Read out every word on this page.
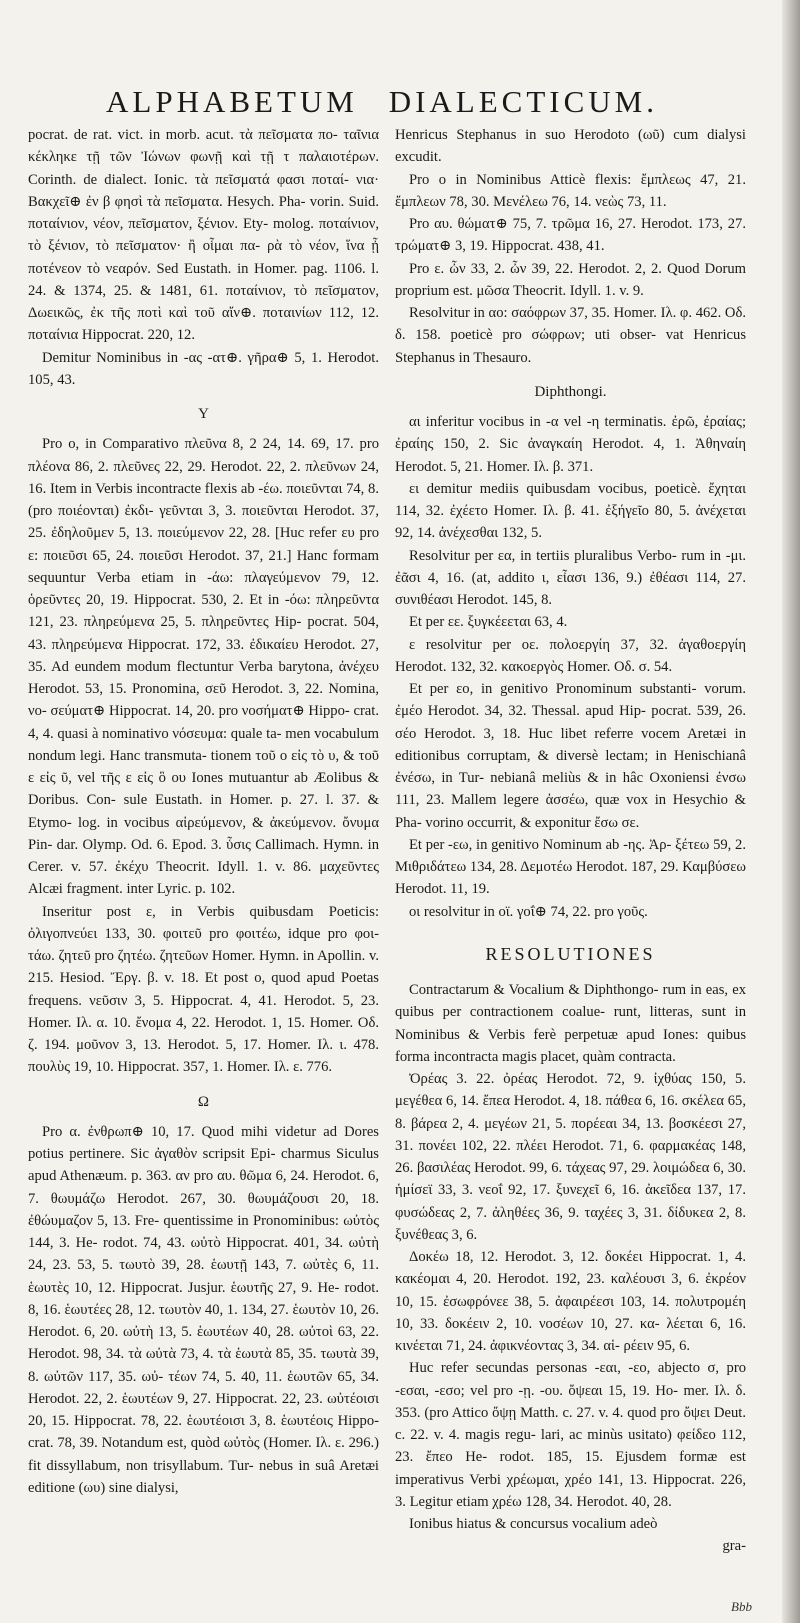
ALPHABETUM DIALECTICUM.

pocrat. de rat. vict. in morb. acut. τὰ πεῖσματα πο- ταῖνια κέκληκε τῇ τῶν Ἰώνων φωνῇ καὶ τῇ τ παλαιοτέρων. Corinth. de dialect. Ionic. τὰ πεῖσματά φασι ποταί- νια· Βακχεῖ⊕ ἐν β φησὶ τὰ πεῖσματα. Hesych. Pha- vorin. Suid. ποταίνιον, νέον, πεῖσματον, ξένιον. Ety- molog. ποταίνιον, τὸ ξένιον, τὸ πεῖσματον· ἢ οἷμαι πα- ρὰ τὸ νέον, ἵνα ᾖ ποτένεον τὸ νεαρόν. Sed Eustath. in Homer. pag. 1106. l. 24. & 1374, 25. & 1481, 61. ποταίνιον, τὸ πεῖσματον, Δωεικῶς, ἐκ τῆς ποτὶ καὶ τοῦ αἴν⊕. ποταινίων 112, 12. ποταίνια Hippocrat. 220, 12.

Demitur Nominibus in -ας -ατ⊕. γῆρα⊕ 5, 1. Herodot. 105, 43.

Υ

Pro ο, in Comparativo πλεῦνα 8, 2 24, 14. 69, 17. pro πλέονα 86, 2. πλεῦνες 22, 29. Herodot. 22, 2. πλεῦνων 24, 16. Item in Verbis incontracte flexis ab -έω. ποιεῦνται 74, 8. (pro ποιέονται) ἐκδι- γεῦνται 3, 3. ποιεῦνται Herodot. 37, 25. ἐδηλοῦμεν 5, 13. ποιεύμενον 22, 28. [Huc refer ευ pro ε: ποιεῦσι 65, 24. ποιεῦσι Herodot. 37, 21.] Hanc formam sequuntur Verba etiam in -άω: πλαγεύμενον 79, 12. ὁρεῦντες 20, 19. Hippocrat. 530, 2. Et in -όω: πληρεῦντα 121, 23. πληρεύμενα 25, 5. πληρεῦντες Hip- pocrat. 504, 43. πληρεύμενα Hippocrat. 172, 33. ἐδικαίευ Herodot. 27, 35. Ad eundem modum flectuntur Verba barytona, ἀνέχευ Herodot. 53, 15. Pronomina, σεῦ Herodot. 3, 22. Nomina, νο- σεύματ⊕ Hippocrat. 14, 20. pro νοσήματ⊕ Hippo- crat. 4, 4. quasi à nominativo νόσευμα: quale ta- men vocabulum nondum legi. Hanc transmuta- tionem τοῦ ο εἰς τὸ υ, & τοῦ ε εἰς ῦ, vel τῆς ε εἰς ὃ ου Iones mutuantur ab Æolibus & Doribus. Con- sule Eustath. in Homer. p. 27. l. 37. & Etymo- log. in vocibus αἰρεύμενον, & ἀκεύμενον. ὄνυμα Pin- dar. Olymp. Od. 6. Epod. 3. ὗσις Callimach. Hymn. in Cerer. v. 57. ἐκέχυ Theocrit. Idyll. 1. v. 86. μαχεῦντες Alcæi fragment. inter Lyric. p. 102.

Inseritur post ε, in Verbis quibusdam Poeticis: ὀλιγοπνεύει 133, 30. φοιτεῦ pro φοιτέω, idque pro φοι- τάω. ζητεῦ pro ζητέω. ζητεῦων Homer. Hymn. in Apollin. v. 215. Hesiod. Ἔργ. β. v. 18. Et post ο, quod apud Poetas frequens. νεῦσιν 3, 5. Hippocrat. 4, 41. Herodot. 5, 23. Homer. Ιλ. α. 10. ἔνομα 4, 22. Herodot. 1, 15. Homer. Οδ. ζ. 194. μοῦνον 3, 13. Herodot. 5, 17. Homer. Ιλ. ι. 478. πουλὺς 19, 10. Hippocrat. 357, 1. Homer. Ιλ. ε. 776.

Ω

Pro α. ἐνθρωπ⊕ 10, 17. Quod mihi videtur ad Dores potius pertinere. Sic ἀγαθὸν scripsit Epi- charmus Siculus apud Athenæum. p. 363. αν pro αυ. θῶμα 6, 24. Herodot. 6, 7. θωυμάζω Herodot. 267, 30. θωυμάζουσι 20, 18. ἐθώυμαζον 5, 13. Fre- quentissime in Pronominibus: ωὐτὸς 144, 3. He- rodot. 74, 43. ωὐτὸ Hippocrat. 401, 34. ωὐτὴ 24, 23. 53, 5. τωυτὸ 39, 28. ἑωυτῇ 143, 7. ωὐτὲς 6, 11. ἑωυτὲς 10, 12. Hippocrat. Jusjur. ἑωυτῆς 27, 9. He- rodot. 8, 16. ἑωυτέες 28, 12. τωυτὸν 40, 1. 134, 27. ἑωυτὸν 10, 26. Herodot. 6, 20. ωὐτὴ 13, 5. ἑωυτέων 40, 28. ωὐτοὶ 63, 22. Herodot. 98, 34. τὰ ωὐτὰ 73, 4. τὰ ἑωυτὰ 85, 35. τωυτὰ 39, 8. ωὐτῶν 117, 35. ωὐ- τέων 74, 5. 40, 11. ἑωυτῶν 65, 34. Herodot. 22, 2. ἑωυτέων 9, 27. Hippocrat. 22, 23. ωὐτέοισι 20, 15. Hippocrat. 78, 22. ἑωυτέοισι 3, 8. ἑωυτέοις Hippo- crat. 78, 39. Notandum est, quòd ωὐτὸς (Homer. Ιλ. ε. 296.) fit dissyllabum, non trisyllabum. Tur- nebus in suâ Aretæi editione (ωυ) sine dialysi,

Henricus Stephanus in suo Herodoto (ωῦ) cum dialysi excudit.

Pro ο in Nominibus Atticè flexis: ἔμπλεως 47, 21. ἔμπλεων 78, 30. Μενέλεω 76, 14. νεὼς 73, 11.

Pro αυ. θώματ⊕ 75, 7. τρῶμα 16, 27. Herodot. 173, 27. τρώματ⊕ 3, 19. Hippocrat. 438, 41.

Pro ε. ὦν 33, 2. ὦν 39, 22. Herodot. 2, 2. Quod Dorum proprium est. μῶσα Theocrit. Idyll. 1. v. 9.

Resolvitur in αο: σαόφρων 37, 35. Homer. Ιλ. φ. 462. Οδ. δ. 158. poeticè pro σώφρων; uti obser- vat Henricus Stephanus in Thesauro.

Diphthongi.

αι inferitur vocibus in -α vel -η terminatis. ἐρῶ, ἐραίας; ἐραίης 150, 2. Sic ἀναγκαίη Herodot. 4, 1. Ἀθηναίη Herodot. 5, 21. Homer. Ιλ. β. 371.

ει demitur mediis quibusdam vocibus, poeticè. ἔχηται 114, 32. ἐχέετο Homer. Ιλ. β. 41. ἐξήγεῖο 80, 5. ἀνέχεται 92, 14. ἀνέχεσθαι 132, 5.

Resolvitur per εα, in tertiis pluralibus Verbo- rum in -μι. ἐᾶσι 4, 16. (at, addito ι, εἶασι 136, 9.) ἐθέασι 114, 27. συνιθέασι Herodot. 145, 8.

Et per εε. ξυγκέεεται 63, 4.

ε resolvitur per οε. πολοεργίη 37, 32. ἀγαθοεργίη Herodot. 132, 32. κακοεργὸς Homer. Οδ. σ. 54.

Et per εο, in genitivo Pronominum substanti- vorum. ἐμέο Herodot. 34, 32. Thessal. apud Hip- pocrat. 539, 26. σέο Herodot. 3, 18. Huc libet referre vocem Aretæi in editionibus corruptam, & diversè lectam; in Henischianâ ἐνέσω, in Tur- nebianâ meliùs & in hâc Oxoniensi ἐνσω 111, 23. Mallem legere ἀσσέω, quæ vox in Hesychio & Pha- vorino occurrit, & exponitur ἔσω σε.

Et per -εω, in genitivo Nominum ab -ης. Ἀρ- ξέτεω 59, 2. Μιθριδάτεω 134, 28. Δεμοτέω Herodot. 187, 29. Καμβύσεω Herodot. 11, 19.

οι resolvitur in οϊ. γοΐ⊕ 74, 22. pro γοῦς.

RESOLUTIONES

Contractarum & Vocalium & Diphthongo- rum in eas, ex quibus per contractionem coalue- runt, litteras, sunt in Nominibus & Verbis ferè perpetuæ apud Iones: quibus forma incontracta magis placet, quàm contracta.

Ὀρέας 3. 22. ὀρέας Herodot. 72, 9. ἰχθύας 150, 5. μεγέθεα 6, 14. ἔπεα Herodot. 4, 18. πάθεα 6, 16. σκέλεα 65, 8. βάρεα 2, 4. μεγέων 21, 5. πορέεαι 34, 13. βοσκέεσι 27, 31. πονέει 102, 22. πλέει Herodot. 71, 6. φαρμακέας 148, 26. βασιλέας Herodot. 99, 6. τάχεας 97, 29. λοιμώδεα 6, 30. ἡμίσεϊ 33, 3. νεοΐ 92, 17. ξυνεχεῖ 6, 16. ἀκεῖδεα 137, 17. φυσώδεας 2, 7. ἀληθέες 36, 9. ταχέες 3, 31. δίδυκεα 2, 8. ξυνέθεας 3, 6.

Δοκέω 18, 12. Herodot. 3, 12. δοκέει Hippocrat. 1, 4. κακέομαι 4, 20. Herodot. 192, 23. καλέουσι 3, 6. ἐκρέον 10, 15. ἐσωφρόνεε 38, 5. ἀφαιρέεσι 103, 14. πολυτρομέη 10, 33. δοκέειν 2, 10. νοσέων 10, 27. κα- λέεται 6, 16. κινέεται 71, 24. ἀφικνέοντας 3, 34. αἱ- ρέειν 95, 6.

Huc refer secundas personas -εαι, -εο, abjecto σ, pro -εσαι, -εσο; vel pro -ῃ. -ου. ὄψεαι 15, 19. Ho- mer. Ιλ. δ. 353. (pro Attico ὄψῃ Matth. c. 27. v. 4. quod pro ὄψει Deut. c. 22. v. 4. magis regu- lari, ac minùs usitato) φείδεο 112, 23. ἔπεο He- rodot. 185, 15. Ejusdem formæ est imperativus Verbi χρέωμαι, χρέο 141, 13. Hippocrat. 226, 3. Legitur etiam χρέω 128, 34. Herodot. 40, 28.

Ionibus hiatus & concursus vocalium adeò

gra-

Bbb
